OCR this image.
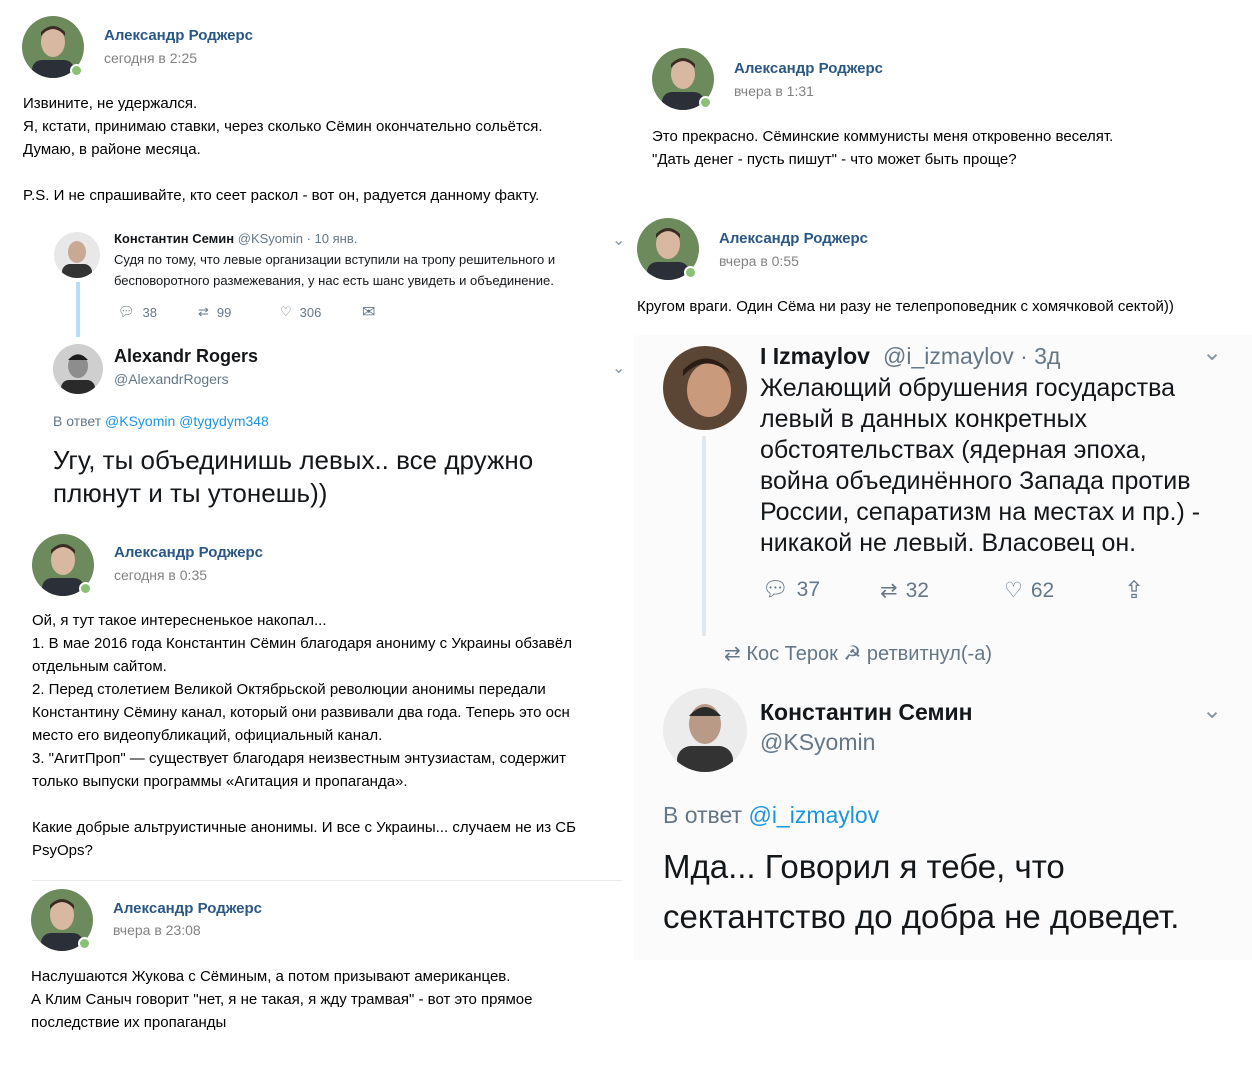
Александр Роджерс
сегодня в 2:25
Извините, не удержался.
Я, кстати, принимаю ставки, через сколько Сёмин окончательно сольётся.
Думаю, в районе месяца.

P.S. И не спрашивайте, кто сеет раскол - вот он, радуется данному факту.
Константин Семин @KSyomin · 10 янв.	⌄
Судя по тому, что левые организации вступили на тропу решительного и
бесповоротного размежевания, у нас есть шанс увидеть и объединение.
💬︎ 38	⇄ 99	♡ 306	✉
Alexandr Rogers
@AlexandrRogers
⌄
В ответ @KSyomin @tygydym348
Угу, ты объединишь левых.. все дружно
плюнут и ты утонешь))
Александр Роджерс
вчера в 1:31
Это прекрасно. Сёминские коммунисты меня откровенно веселят.
"Дать денег - пусть пишут" - что может быть проще?
Александр Роджерс
вчера в 0:55
Кругом враги. Один Сёма ни разу не телепроповедник с хомячковой сектой))
I Izmaylov @i_izmaylov · 3д	⌄
Желающий обрушения государства
левый в данных конкретных
обстоятельствах (ядерная эпоха,
война объединённого Запада против
России, сепаратизм на местах и пр.) -
никакой не левый. Власовец он.
💬︎ 37	⇄ 32	♡ 62	⇪
⇄ Кос Терок ☭ ретвитнул(-а)
Константин Семин
@KSyomin
⌄
В ответ @i_izmaylov
Мда... Говорил я тебе, что
сектантство до добра не доведет.
Александр Роджерс
сегодня в 0:35
Ой, я тут такое интересненькое накопал...
1. В мае 2016 года Константин Сёмин благодаря анониму с Украины обзавёл
отдельным сайтом.
2. Перед столетием Великой Октябрьской революции анонимы передали
Константину Сёмину канал, который они развивали два года. Теперь это осн
место его видеопубликаций, официальный канал.
3. "АгитПроп" — существует благодаря неизвестным энтузиастам, содержит
только выпуски программы «Агитация и пропаганда».

Какие добрые альтруистичные анонимы. И все с Украины... случаем не из СБ
PsyOps?
Александр Роджерс
вчера в 23:08
Наслушаются Жукова с Сёминым, а потом призывают американцев.
А Клим Саныч говорит "нет, я не такая, я жду трамвая" - вот это прямое
последствие их пропаганды
